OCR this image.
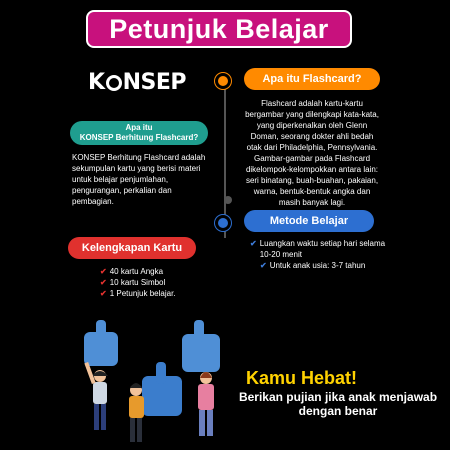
Petunjuk Belajar
K NSEP	Apa itu Flashcard?
Flashcard adalah kartu-kartu bergambar yang dilengkapi kata-kata, yang diperkenalkan oleh Glenn Doman, seorang dokter ahli bedah otak dari Philadelphia, Pennsylvania. Gambar-gambar pada Flashcard dikelompok-kelompokkan antara lain: seri binatang, buah-buahan, pakaian, warna, bentuk-bentuk angka dan masih banyak lagi.
Apa itu
KONSEP Berhitung Flashcard?
KONSEP Berhitung Flashcard adalah sekumpulan kartu yang berisi materi untuk belajar penjumlahan, pengurangan, perkalian dan pembagian.
Metode Belajar
✔ Luangkan waktu setiap hari selama 10-20 menit
✔ Untuk anak usia: 3-7 tahun
Kelengkapan Kartu
✔ 40 kartu Angka
✔ 10 kartu Simbol
✔ 1 Petunjuk belajar.
Kamu Hebat!
Berikan pujian jika anak menjawab dengan benar
